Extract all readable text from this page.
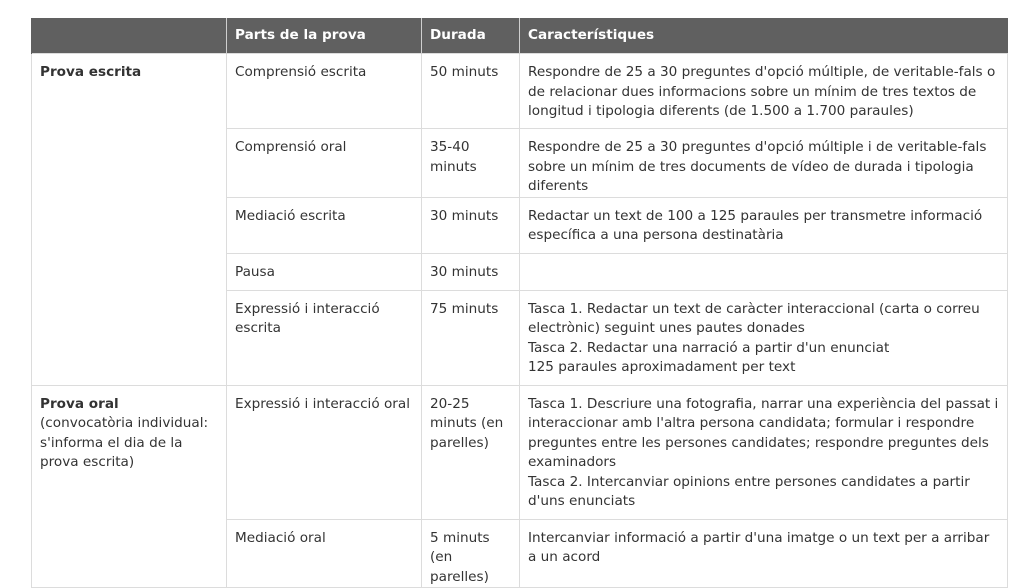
	Parts de la prova	Durada	Característiques
Prova escrita	Comprensió escrita	50 minuts	Respondre de 25 a 30 preguntes d'opció múltiple, de veritable-fals o de relacionar dues informacions sobre un mínim de tres textos de longitud i tipologia diferents (de 1.500 a 1.700 paraules)

	Comprensió oral	35-40 minuts	Respondre de 25 a 30 preguntes d'opció múltiple i de veritable-fals sobre un mínim de tres documents de vídeo de durada i tipologia diferents

	Mediació escrita	30 minuts	Redactar un text de 100 a 125 paraules per transmetre informació específica a una persona destinatària

	Pausa	30 minuts	

	Expressió i interacció escrita	75 minuts	Tasca 1. Redactar un text de caràcter interaccional (carta o correu electrònic) seguint unes pautes donades
Tasca 2. Redactar una narració a partir d'un enunciat
125 paraules aproximadament per text

Prova oral
(convocatòria individual: s'informa el dia de la prova escrita)	Expressió i interacció oral	20-25 minuts (en parelles)	Tasca 1. Descriure una fotografia, narrar una experiència del passat i interaccionar amb l'altra persona candidata; formular i respondre preguntes entre les persones candidates; respondre preguntes dels examinadors
Tasca 2. Intercanviar opinions entre persones candidates a partir d'uns enunciats

	Mediació oral	5 minuts (en parelles)	Intercanviar informació a partir d'una imatge o un text per a arribar a un acord
